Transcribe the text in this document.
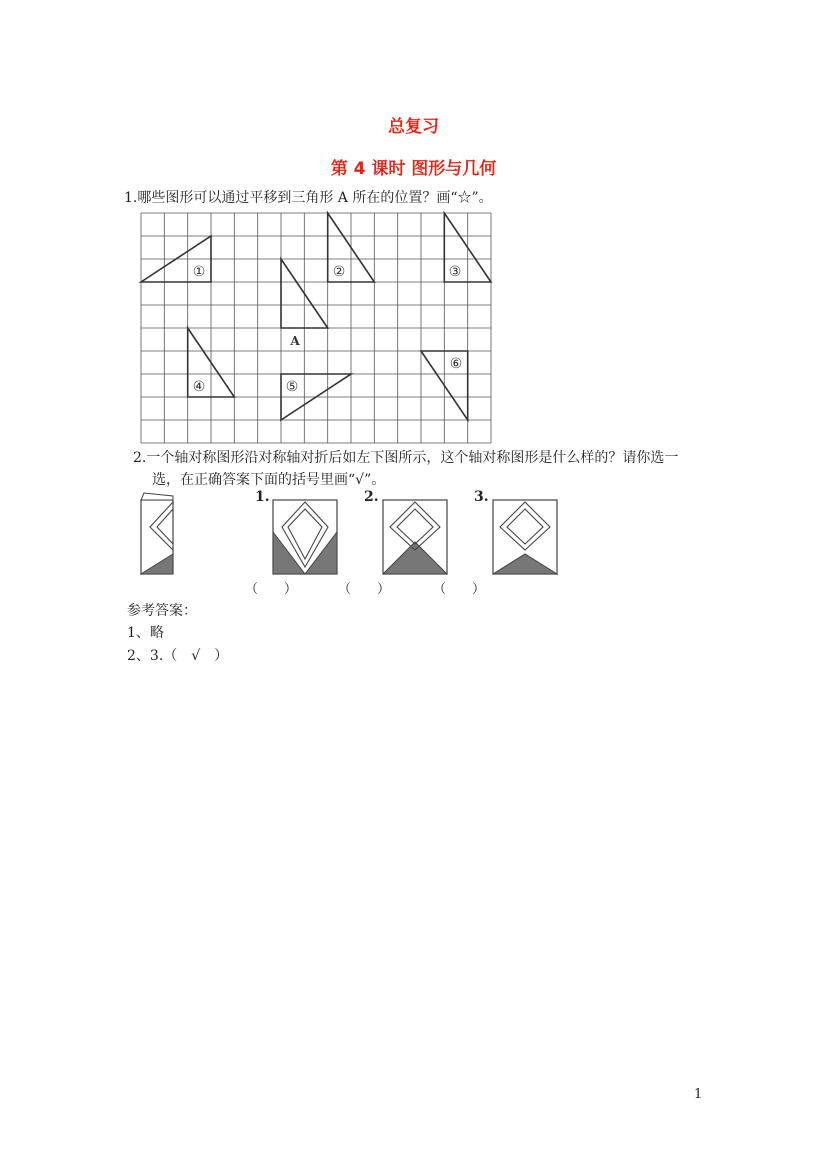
总复习
第 4 课时 图形与几何
1.哪些图形可以通过平移到三角形 A 所在的位置？画“☆”。
①	②	③
④	⑤
⑥
A
2.一个轴对称图形沿对称轴对折后如左下图所示，这个轴对称图形是什么样的？请你选一
选，在正确答案下面的括号里画“√”。
1.	2.	3.
（　　）	（　　）	（　　）
参考答案：
1、略
2、3.（　√　）
1
